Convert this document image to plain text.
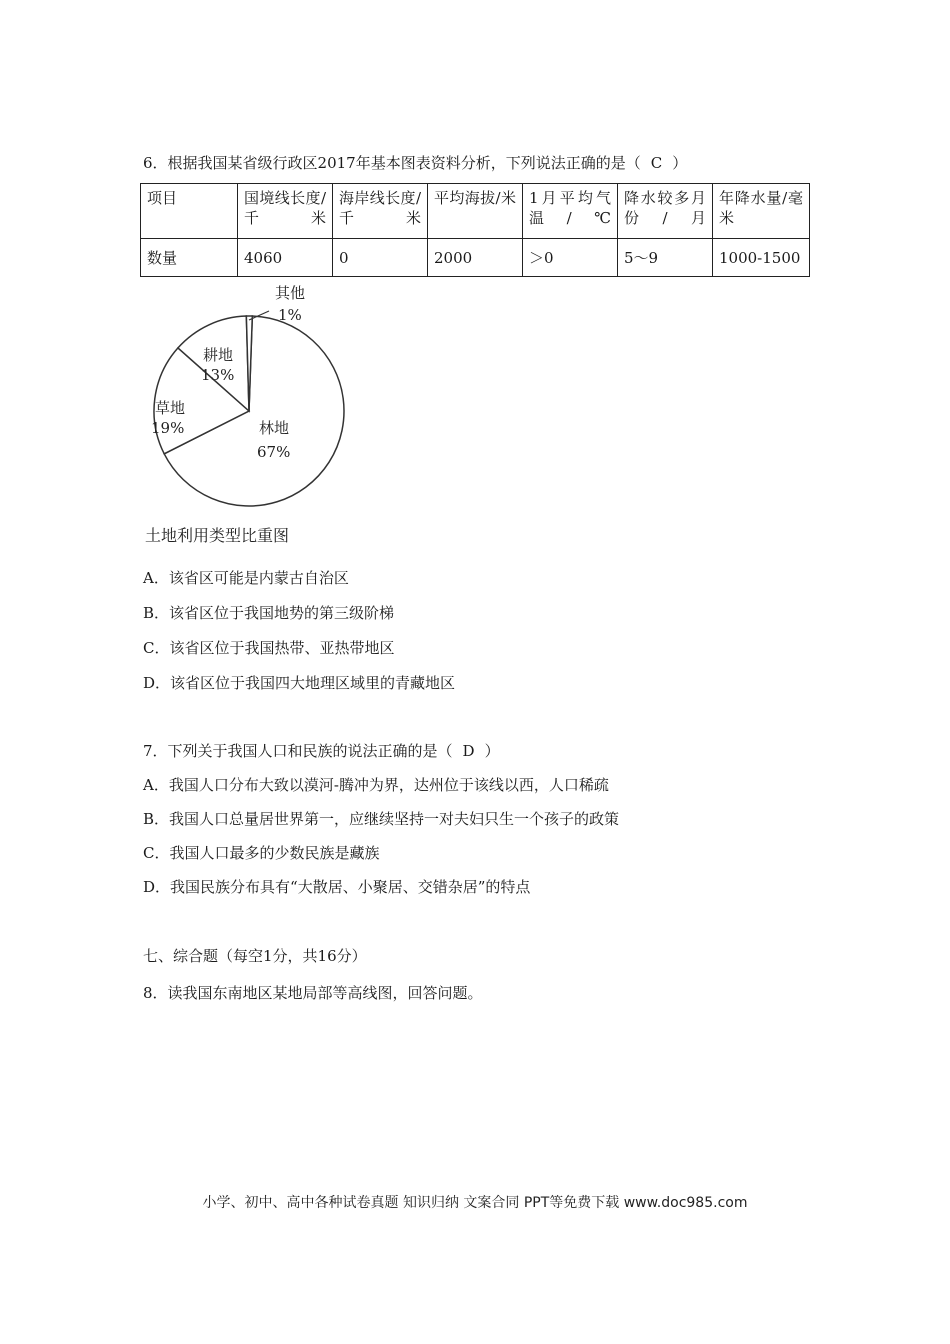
6．根据我国某省级行政区2017年基本图表资料分析，下列说法正确的是（ C ）
项目	国境线长度/千米	海岸线长度/千米	平均海拔/米	1月平均气温/℃	降水较多月份/月	年降水量/毫米
数量	4060	0	2000	＞0	5～9	1000-1500
其他
1%
耕地
13%
草地
19%	林地
67%
土地利用类型比重图
A．该省区可能是内蒙古自治区
B．该省区位于我国地势的第三级阶梯
C．该省区位于我国热带、亚热带地区
D．该省区位于我国四大地理区域里的青藏地区
7．下列关于我国人口和民族的说法正确的是（ D ）
A．我国人口分布大致以漠河-腾冲为界，达州位于该线以西，人口稀疏
B．我国人口总量居世界第一，应继续坚持一对夫妇只生一个孩子的政策
C．我国人口最多的少数民族是藏族
D．我国民族分布具有“大散居、小聚居、交错杂居”的特点
七、综合题（每空1分，共16分）
8．读我国东南地区某地局部等高线图，回答问题。
小学、初中、高中各种试卷真题 知识归纳 文案合同 PPT等免费下载 www.doc985.com
